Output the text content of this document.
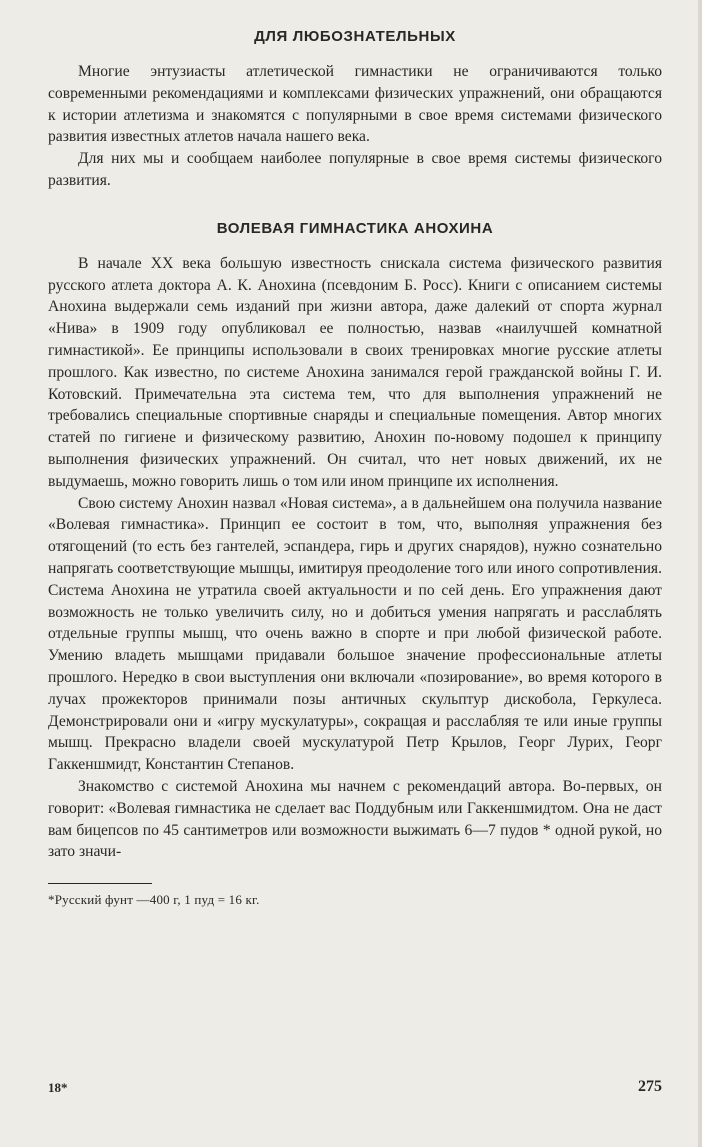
ДЛЯ ЛЮБОЗНАТЕЛЬНЫХ

Многие энтузиасты атлетической гимнастики не ограничиваются только современными рекомендациями и комплексами физических упражнений, они обращаются к истории атлетизма и знакомятся с популярными в свое время системами физического развития известных атлетов начала нашего века.

Для них мы и сообщаем наиболее популярные в свое время системы физического развития.

ВОЛЕВАЯ ГИМНАСТИКА АНОХИНА

В начале XX века большую известность снискала система физического развития русского атлета доктора А. К. Анохина (псевдоним Б. Росс). Книги с описанием системы Анохина выдержали семь изданий при жизни автора, даже далекий от спорта журнал «Нива» в 1909 году опубликовал ее полностью, назвав «наилучшей комнатной гимнастикой». Ее принципы использовали в своих тренировках многие русские атлеты прошлого. Как известно, по системе Анохина занимался герой гражданской войны Г. И. Котовский. Примечательна эта система тем, что для выполнения упражнений не требовались специальные спортивные снаряды и специальные помещения. Автор многих статей по гигиене и физическому развитию, Анохин по-новому подошел к принципу выполнения физических упражнений. Он считал, что нет новых движений, их не выдумаешь, можно говорить лишь о том или ином принципе их исполнения.

Свою систему Анохин назвал «Новая система», а в дальнейшем она получила название «Волевая гимнастика». Принцип ее состоит в том, что, выполняя упражнения без отягощений (то есть без гантелей, эспандера, гирь и других снарядов), нужно сознательно напрягать соответствующие мышцы, имитируя преодоление того или иного сопротивления. Система Анохина не утратила своей актуальности и по сей день. Его упражнения дают возможность не только увеличить силу, но и добиться умения напрягать и расслаблять отдельные группы мышц, что очень важно в спорте и при любой физической работе. Умению владеть мышцами придавали большое значение профессиональные атлеты прошлого. Нередко в свои выступления они включали «позирование», во время которого в лучах прожекторов принимали позы античных скульптур дискобола, Геркулеса. Демонстрировали они и «игру мускулатуры», сокращая и расслабляя те или иные группы мышц. Прекрасно владели своей мускулатурой Петр Крылов, Георг Лурих, Георг Гаккеншмидт, Константин Степанов.

Знакомство с системой Анохина мы начнем с рекомендаций автора. Во-первых, он говорит: «Волевая гимнастика не сделает вас Поддубным или Гаккеншмидтом. Она не даст вам бицепсов по 45 сантиметров или возможности выжимать 6—7 пудов * одной рукой, но зато значи-

*Русский фунт —400 г, 1 пуд = 16 кг.
18*	275
